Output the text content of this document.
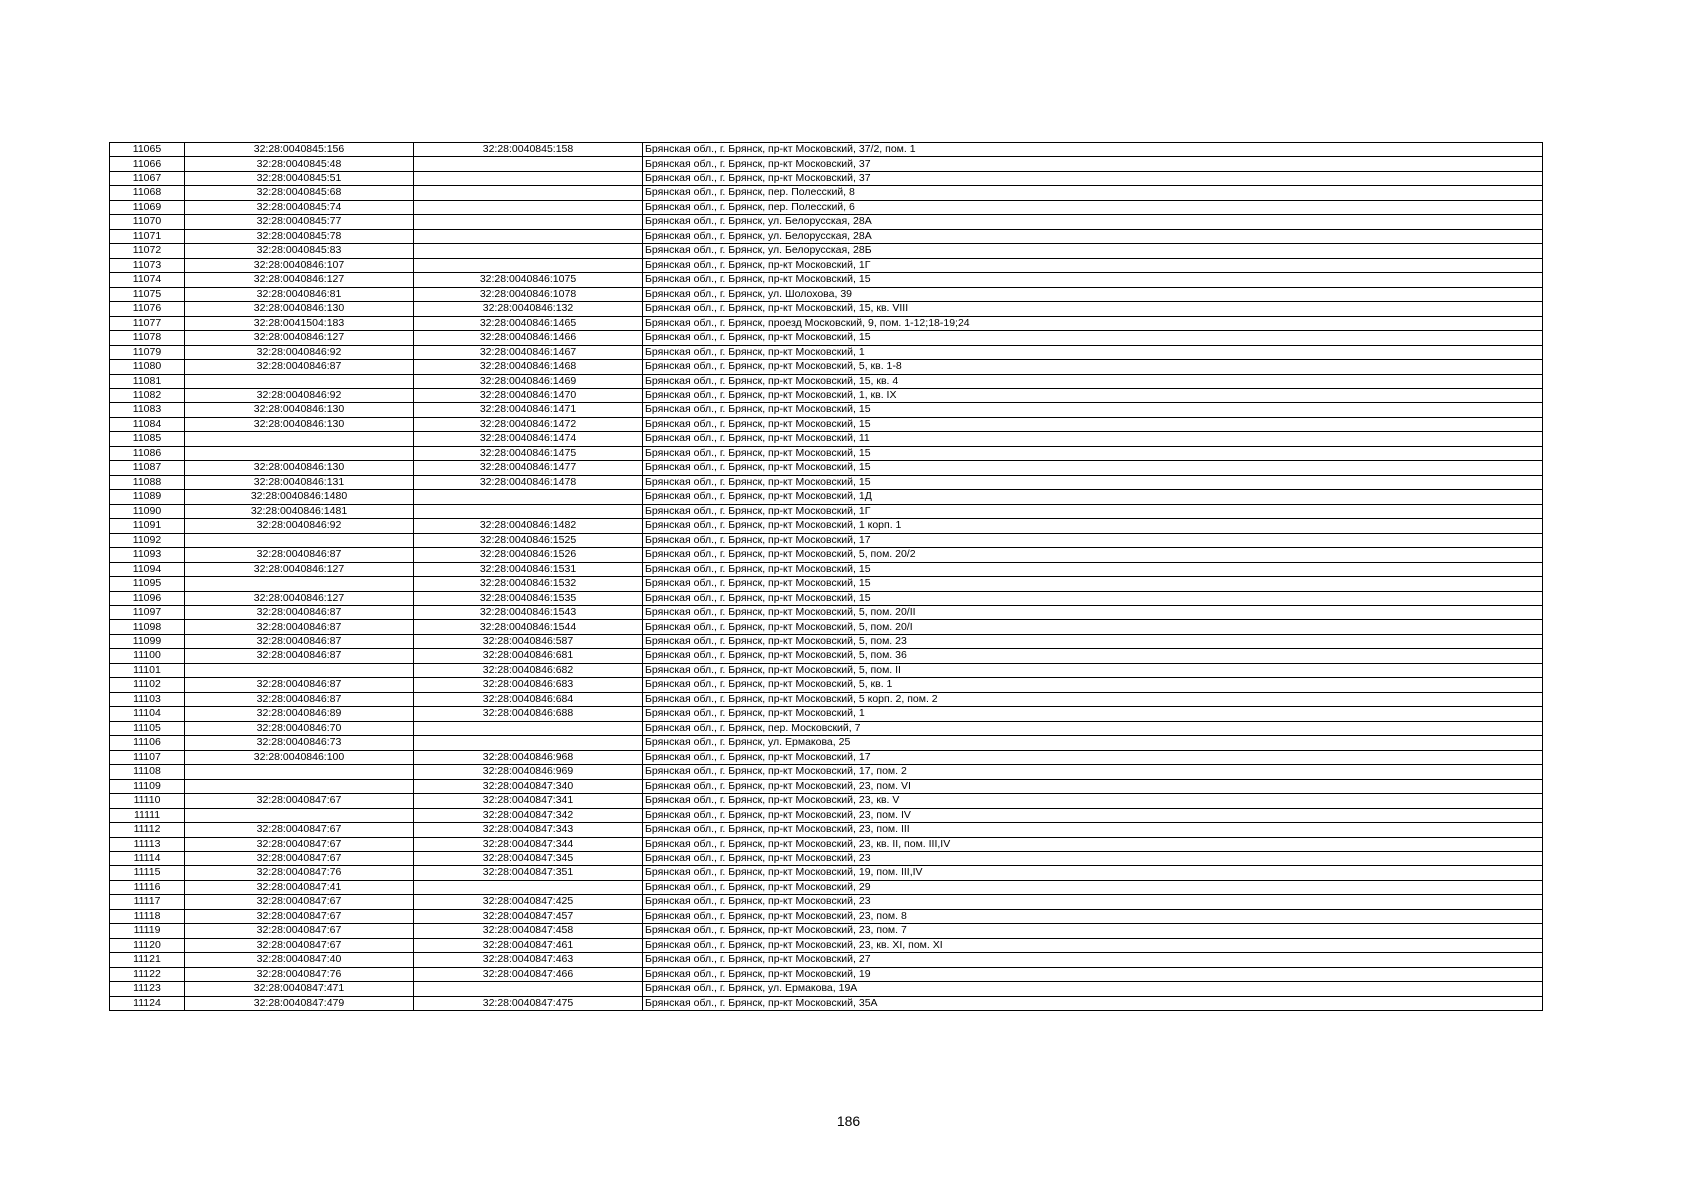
11065	32:28:0040845:156	32:28:0040845:158	Брянская обл., г. Брянск, пр-кт Московский, 37/2, пом. 1
11066	32:28:0040845:48		Брянская обл., г. Брянск, пр-кт Московский, 37
11067	32:28:0040845:51		Брянская обл., г. Брянск, пр-кт Московский, 37
11068	32:28:0040845:68		Брянская обл., г. Брянск, пер. Полесский, 8
11069	32:28:0040845:74		Брянская обл., г. Брянск, пер. Полесский, 6
11070	32:28:0040845:77		Брянская обл., г. Брянск, ул. Белорусская, 28А
11071	32:28:0040845:78		Брянская обл., г. Брянск, ул. Белорусская, 28А
11072	32:28:0040845:83		Брянская обл., г. Брянск, ул. Белорусская, 28Б
11073	32:28:0040846:107		Брянская обл., г. Брянск, пр-кт Московский, 1Г
11074	32:28:0040846:127	32:28:0040846:1075	Брянская обл., г. Брянск, пр-кт Московский, 15
11075	32:28:0040846:81	32:28:0040846:1078	Брянская обл., г. Брянск, ул. Шолохова, 39
11076	32:28:0040846:130	32:28:0040846:132	Брянская обл., г. Брянск, пр-кт Московский, 15, кв. VIII
11077	32:28:0041504:183	32:28:0040846:1465	Брянская обл., г. Брянск, проезд Московский, 9, пом. 1-12;18-19;24
11078	32:28:0040846:127	32:28:0040846:1466	Брянская обл., г. Брянск, пр-кт Московский, 15
11079	32:28:0040846:92	32:28:0040846:1467	Брянская обл., г. Брянск, пр-кт Московский, 1
11080	32:28:0040846:87	32:28:0040846:1468	Брянская обл., г. Брянск, пр-кт Московский, 5, кв. 1-8
11081		32:28:0040846:1469	Брянская обл., г. Брянск, пр-кт Московский, 15, кв. 4
11082	32:28:0040846:92	32:28:0040846:1470	Брянская обл., г. Брянск, пр-кт Московский, 1, кв. IX
11083	32:28:0040846:130	32:28:0040846:1471	Брянская обл., г. Брянск, пр-кт Московский, 15
11084	32:28:0040846:130	32:28:0040846:1472	Брянская обл., г. Брянск, пр-кт Московский, 15
11085		32:28:0040846:1474	Брянская обл., г. Брянск, пр-кт Московский, 11
11086		32:28:0040846:1475	Брянская обл., г. Брянск, пр-кт Московский, 15
11087	32:28:0040846:130	32:28:0040846:1477	Брянская обл., г. Брянск, пр-кт Московский, 15
11088	32:28:0040846:131	32:28:0040846:1478	Брянская обл., г. Брянск, пр-кт Московский, 15
11089	32:28:0040846:1480		Брянская обл., г. Брянск, пр-кт Московский, 1Д
11090	32:28:0040846:1481		Брянская обл., г. Брянск, пр-кт Московский, 1Г
11091	32:28:0040846:92	32:28:0040846:1482	Брянская обл., г. Брянск, пр-кт Московский, 1 корп. 1
11092		32:28:0040846:1525	Брянская обл., г. Брянск, пр-кт Московский, 17
11093	32:28:0040846:87	32:28:0040846:1526	Брянская обл., г. Брянск, пр-кт Московский, 5, пом. 20/2
11094	32:28:0040846:127	32:28:0040846:1531	Брянская обл., г. Брянск, пр-кт Московский, 15
11095		32:28:0040846:1532	Брянская обл., г. Брянск, пр-кт Московский, 15
11096	32:28:0040846:127	32:28:0040846:1535	Брянская обл., г. Брянск, пр-кт Московский, 15
11097	32:28:0040846:87	32:28:0040846:1543	Брянская обл., г. Брянск, пр-кт Московский, 5, пом. 20/II
11098	32:28:0040846:87	32:28:0040846:1544	Брянская обл., г. Брянск, пр-кт Московский, 5, пом. 20/I
11099	32:28:0040846:87	32:28:0040846:587	Брянская обл., г. Брянск, пр-кт Московский, 5, пом. 23
11100	32:28:0040846:87	32:28:0040846:681	Брянская обл., г. Брянск, пр-кт Московский, 5, пом. 36
11101		32:28:0040846:682	Брянская обл., г. Брянск, пр-кт Московский, 5, пом. II
11102	32:28:0040846:87	32:28:0040846:683	Брянская обл., г. Брянск, пр-кт Московский, 5, кв. 1
11103	32:28:0040846:87	32:28:0040846:684	Брянская обл., г. Брянск, пр-кт Московский, 5 корп. 2, пом. 2
11104	32:28:0040846:89	32:28:0040846:688	Брянская обл., г. Брянск, пр-кт Московский, 1
11105	32:28:0040846:70		Брянская обл., г. Брянск, пер. Московский, 7
11106	32:28:0040846:73		Брянская обл., г. Брянск, ул. Ермакова, 25
11107	32:28:0040846:100	32:28:0040846:968	Брянская обл., г. Брянск, пр-кт Московский, 17
11108		32:28:0040846:969	Брянская обл., г. Брянск, пр-кт Московский, 17, пом. 2
11109		32:28:0040847:340	Брянская обл., г. Брянск, пр-кт Московский, 23, пом. VI
11110	32:28:0040847:67	32:28:0040847:341	Брянская обл., г. Брянск, пр-кт Московский, 23, кв. V
11111		32:28:0040847:342	Брянская обл., г. Брянск, пр-кт Московский, 23, пом. IV
11112	32:28:0040847:67	32:28:0040847:343	Брянская обл., г. Брянск, пр-кт Московский, 23, пом. III
11113	32:28:0040847:67	32:28:0040847:344	Брянская обл., г. Брянск, пр-кт Московский, 23, кв. II, пом. III,IV
11114	32:28:0040847:67	32:28:0040847:345	Брянская обл., г. Брянск, пр-кт Московский, 23
11115	32:28:0040847:76	32:28:0040847:351	Брянская обл., г. Брянск, пр-кт Московский, 19, пом. III,IV
11116	32:28:0040847:41		Брянская обл., г. Брянск, пр-кт Московский, 29
11117	32:28:0040847:67	32:28:0040847:425	Брянская обл., г. Брянск, пр-кт Московский, 23
11118	32:28:0040847:67	32:28:0040847:457	Брянская обл., г. Брянск, пр-кт Московский, 23, пом. 8
11119	32:28:0040847:67	32:28:0040847:458	Брянская обл., г. Брянск, пр-кт Московский, 23, пом. 7
11120	32:28:0040847:67	32:28:0040847:461	Брянская обл., г. Брянск, пр-кт Московский, 23, кв. XI, пом. XI
11121	32:28:0040847:40	32:28:0040847:463	Брянская обл., г. Брянск, пр-кт Московский, 27
11122	32:28:0040847:76	32:28:0040847:466	Брянская обл., г. Брянск, пр-кт Московский, 19
11123	32:28:0040847:471		Брянская обл., г. Брянск, ул. Ермакова, 19А
11124	32:28:0040847:479	32:28:0040847:475	Брянская обл., г. Брянск, пр-кт Московский, 35А
186
